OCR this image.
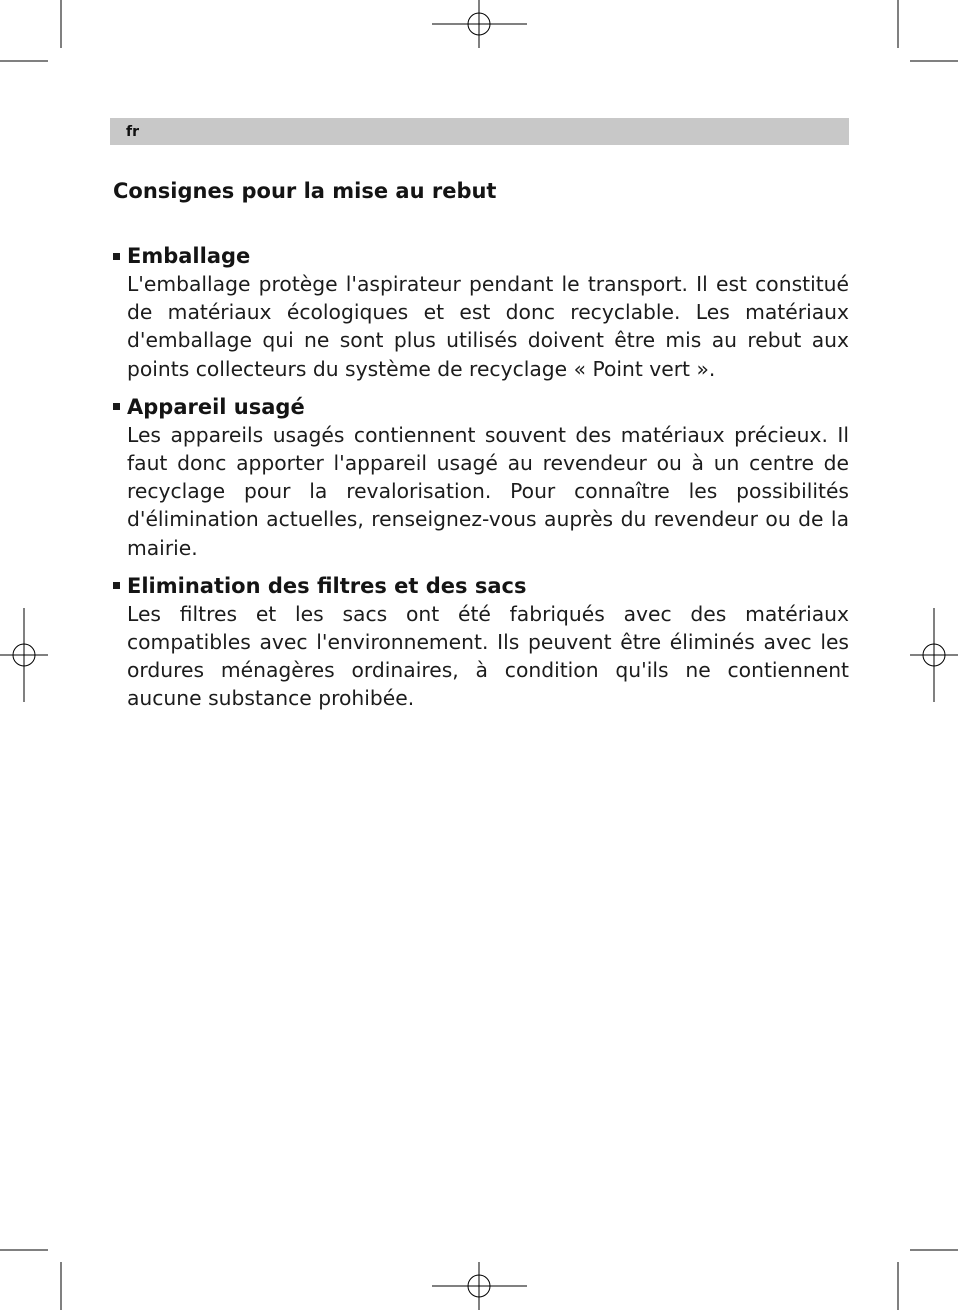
fr
Consignes pour la mise au rebut
Emballage

L'emballage protège l'aspirateur pendant le transport. Il est constitué de matériaux écologiques et est donc recyclable. Les matériaux d'emballage qui ne sont plus utilisés doivent être mis au rebut aux points collecteurs du système de recyclage « Point vert ».

Appareil usagé

Les appareils usagés contiennent souvent des matériaux précieux. Il faut donc apporter l'appareil usagé au revendeur ou à un centre de recyclage pour la revalorisation. Pour connaître les possibilités d'élimination actuelles, renseignez-vous auprès du revendeur ou de la mairie.

Elimination des filtres et des sacs

Les filtres et les sacs ont été fabriqués avec des matériaux compatibles avec l'environnement. Ils peuvent être éliminés avec les ordures ménagères ordinaires, à condition qu'ils ne contiennent aucune substance prohibée.
